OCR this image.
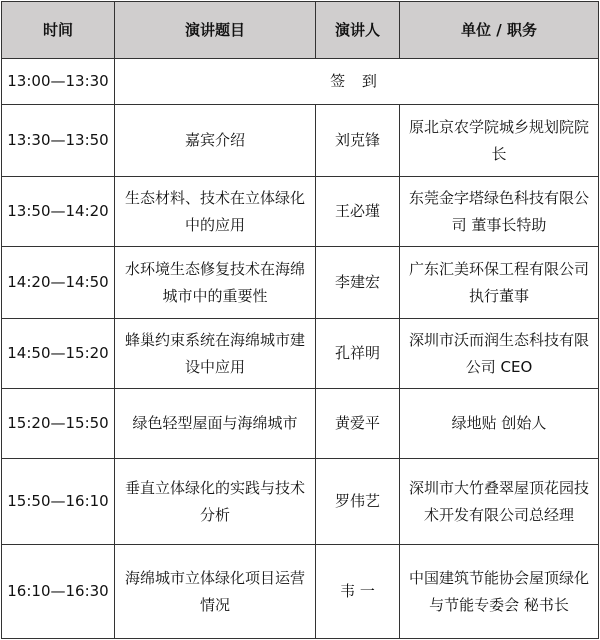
时间	演讲题目	演讲人	单位 / 职务
13:00—13:30	签 到		
13:30—13:50	嘉宾介绍	刘克锋	原北京农学院城乡规划院院长
13:50—14:20	生态材料、技术在立体绿化中的应用	王必瑾	东莞金字塔绿色科技有限公司 董事长特助
14:20—14:50	水环境生态修复技术在海绵城市中的重要性	李建宏	广东汇美环保工程有限公司 执行董事
14:50—15:20	蜂巢约束系统在海绵城市建设中应用	孔祥明	深圳市沃而润生态科技有限公司 CEO
15:20—15:50	绿色轻型屋面与海绵城市	黄爱平	绿地贴 创始人
15:50—16:10	垂直立体绿化的实践与技术分析	罗伟艺	深圳市大竹叠翠屋顶花园技术开发有限公司总经理
16:10—16:30	海绵城市立体绿化项目运营情况	韦 一	中国建筑节能协会屋顶绿化与节能专委会 秘书长
